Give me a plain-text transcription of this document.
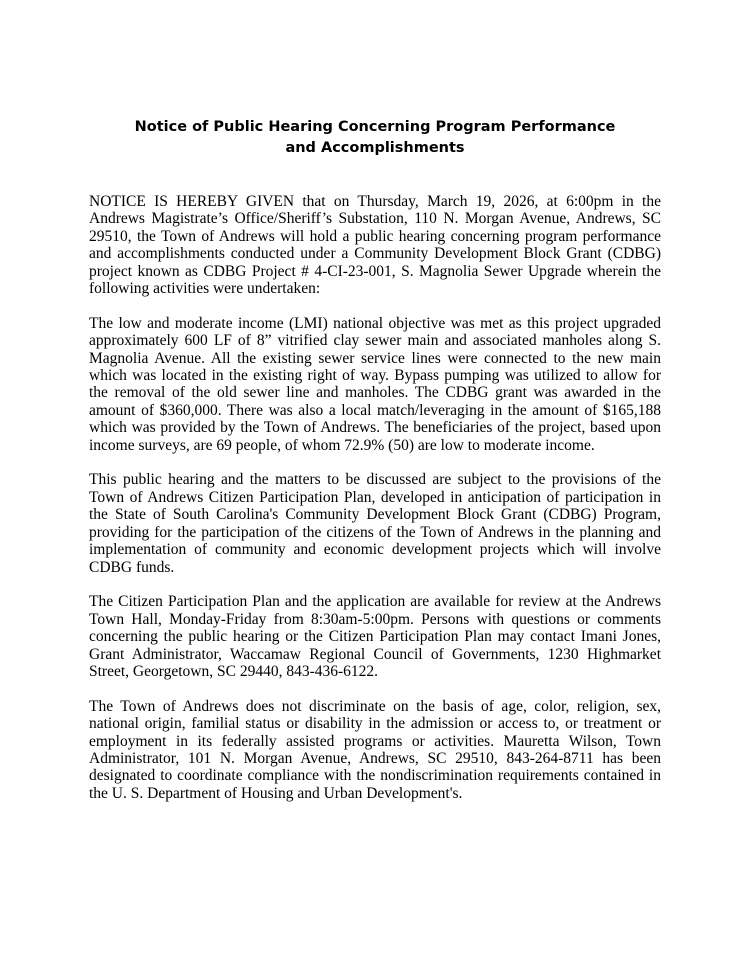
Notice of Public Hearing Concerning Program Performance
and Accomplishments

NOTICE IS HEREBY GIVEN that on Thursday, March 19, 2026, at 6:00pm in the Andrews Magistrate’s Office/Sheriff’s Substation, 110 N. Morgan Avenue, Andrews, SC 29510, the Town of Andrews will hold a public hearing concerning program performance and accomplishments conducted under a Community Development Block Grant (CDBG) project known as CDBG Project # 4-CI-23-001, S. Magnolia Sewer Upgrade wherein the following activities were undertaken:

The low and moderate income (LMI) national objective was met as this project upgraded approximately 600 LF of 8” vitrified clay sewer main and associated manholes along S. Magnolia Avenue. All the existing sewer service lines were connected to the new main which was located in the existing right of way. Bypass pumping was utilized to allow for the removal of the old sewer line and manholes. The CDBG grant was awarded in the amount of $360,000. There was also a local match/leveraging in the amount of $165,188 which was provided by the Town of Andrews. The beneficiaries of the project, based upon income surveys, are 69 people, of whom 72.9% (50) are low to moderate income.

This public hearing and the matters to be discussed are subject to the provisions of the Town of Andrews Citizen Participation Plan, developed in anticipation of participation in the State of South Carolina's Community Development Block Grant (CDBG) Program, providing for the participation of the citizens of the Town of Andrews in the planning and implementation of community and economic development projects which will involve CDBG funds.

The Citizen Participation Plan and the application are available for review at the Andrews Town Hall, Monday-Friday from 8:30am-5:00pm. Persons with questions or comments concerning the public hearing or the Citizen Participation Plan may contact Imani Jones, Grant Administrator, Waccamaw Regional Council of Governments, 1230 Highmarket Street, Georgetown, SC 29440, 843-436-6122.

The Town of Andrews does not discriminate on the basis of age, color, religion, sex, national origin, familial status or disability in the admission or access to, or treatment or employment in its federally assisted programs or activities. Mauretta Wilson, Town Administrator, 101 N. Morgan Avenue, Andrews, SC 29510, 843-264-8711 has been designated to coordinate compliance with the nondiscrimination requirements contained in the U. S. Department of Housing and Urban Development's.
